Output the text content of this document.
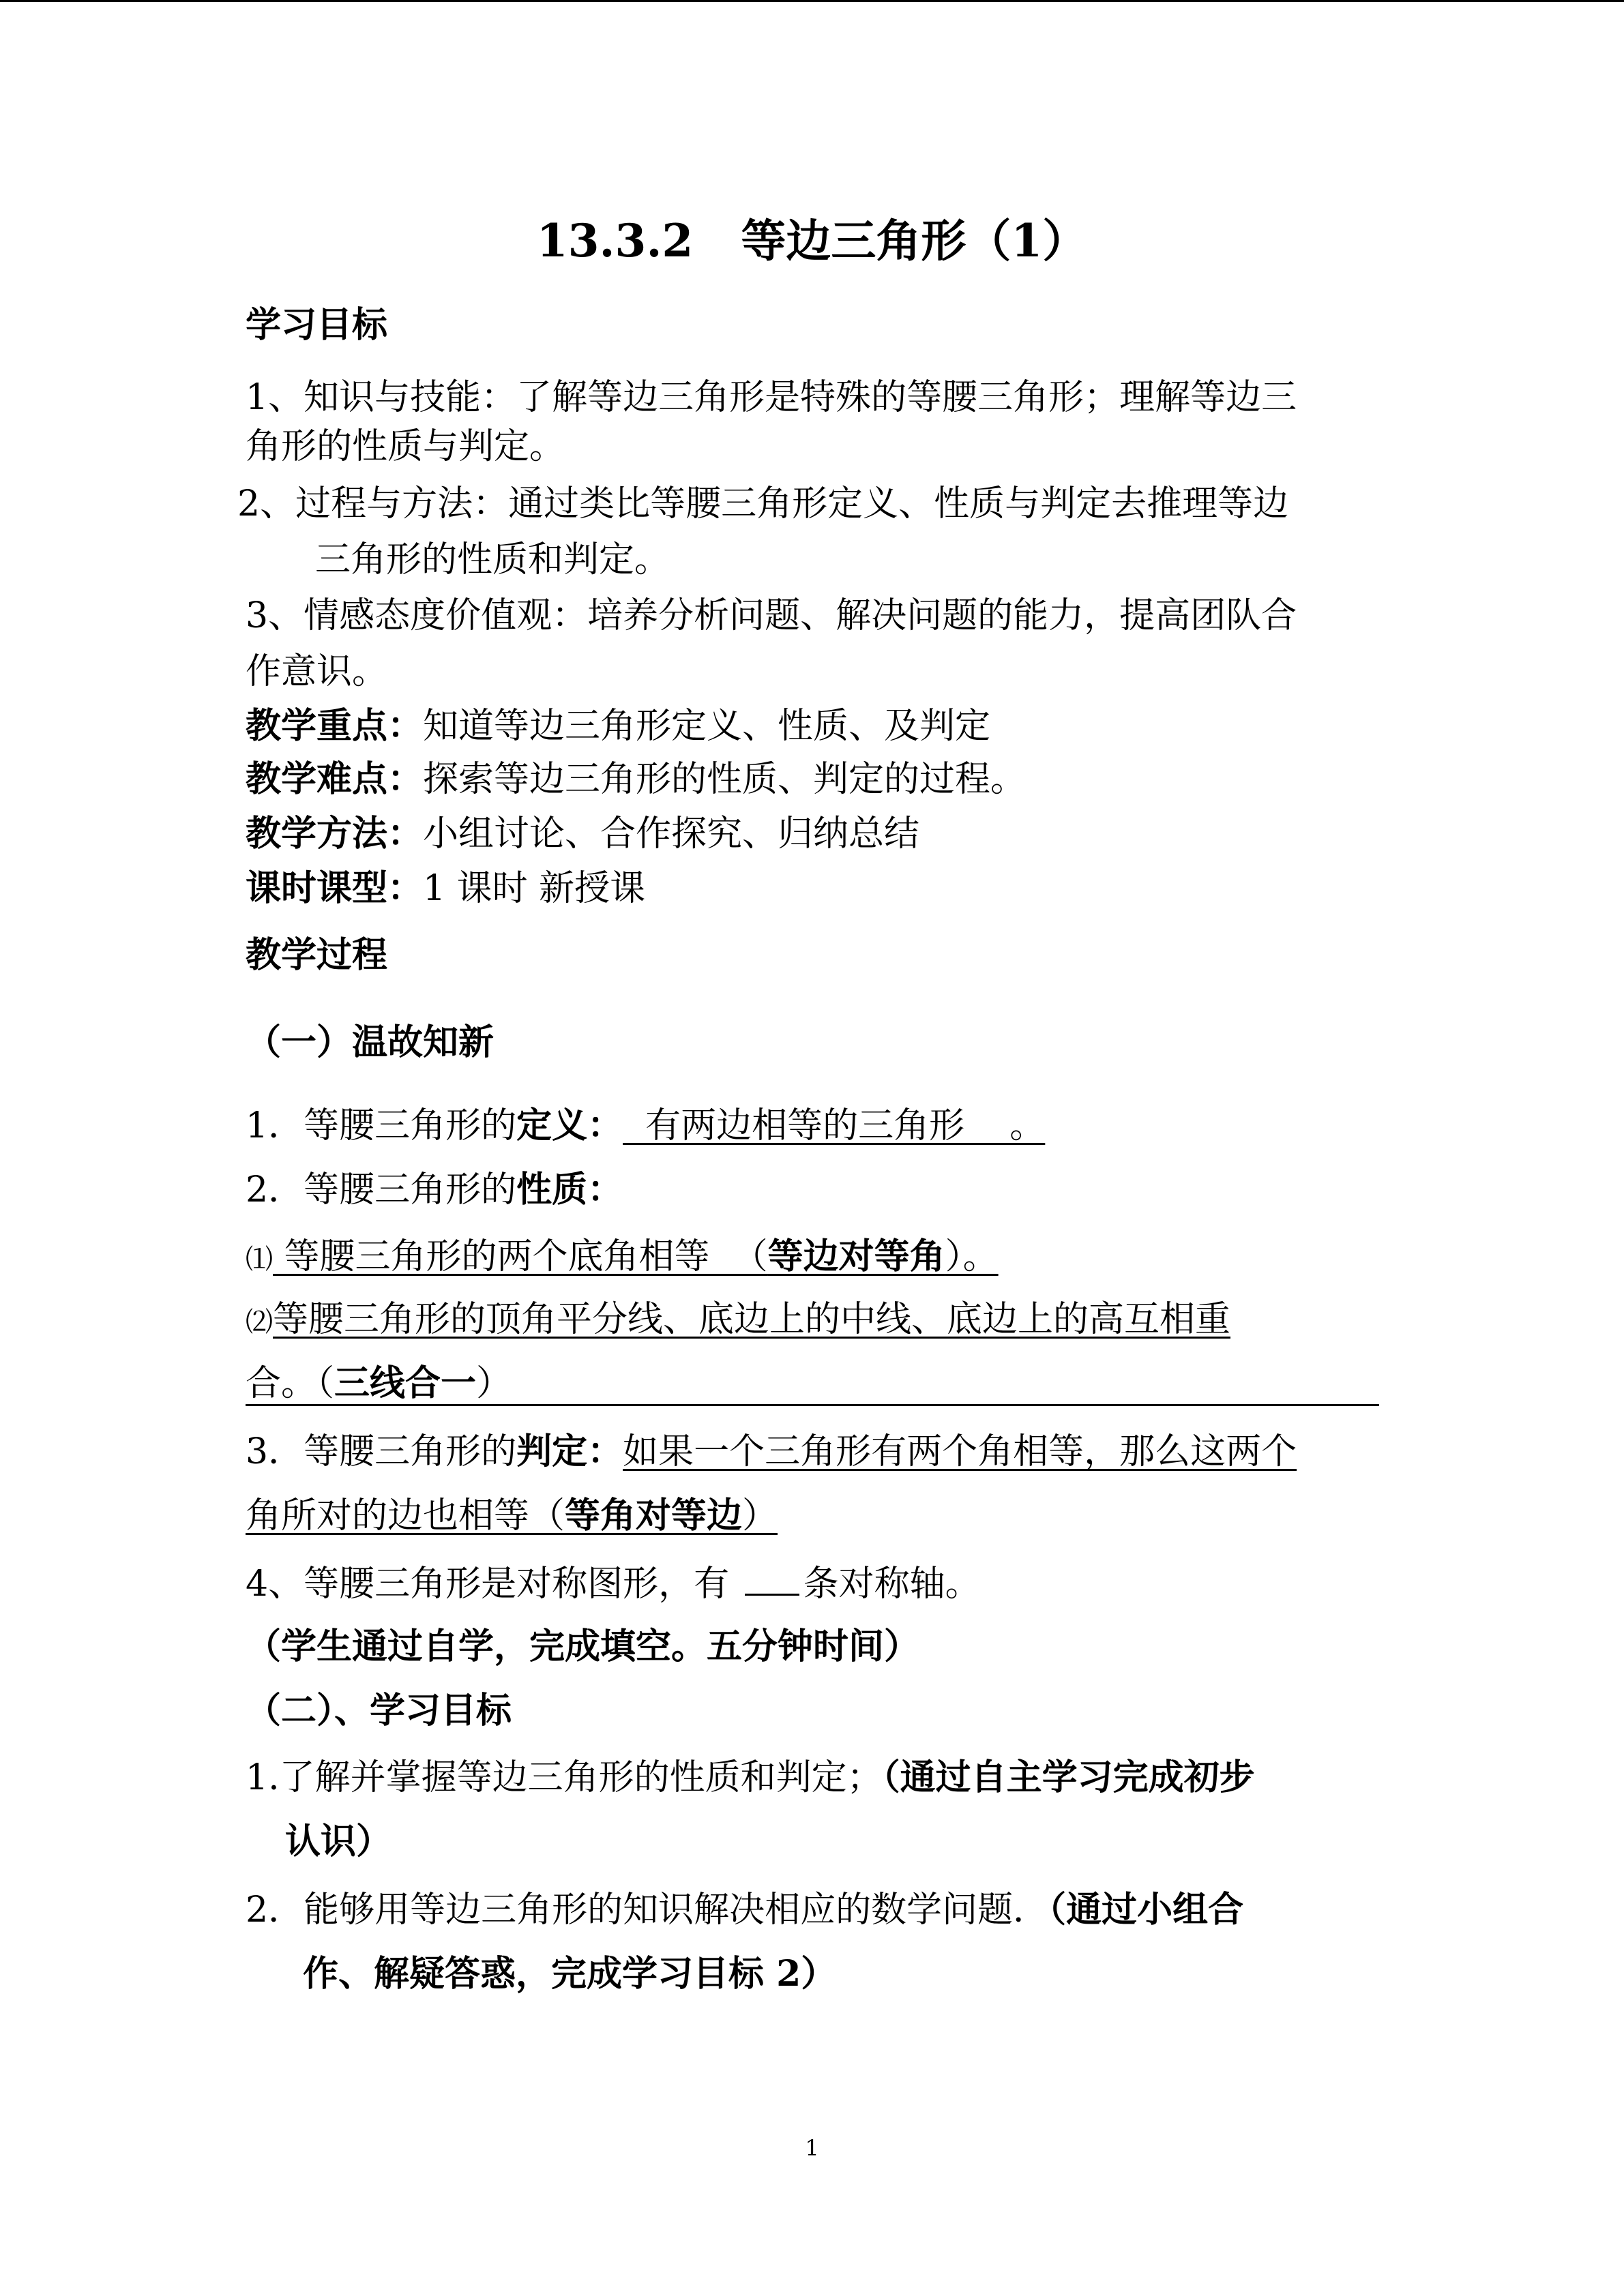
13.3.2 等边三角形（1）
学习目标
1、知识与技能：了解等边三角形是特殊的等腰三角形；理解等边三
角形的性质与判定。
2、过程与方法：通过类比等腰三角形定义、性质与判定去推理等边
三角形的性质和判定。
3、情感态度价值观：培养分析问题、解决问题的能力，提高团队合
作意识。
教学重点：知道等边三角形定义、性质、及判定
教学难点：探索等边三角形的性质、判定的过程。
教学方法：小组讨论、合作探究、归纳总结
课时课型：1 课时 新授课
教学过程
（一）温故知新
1．等腰三角形的定义：  有两边相等的三角形    。
2．等腰三角形的性质：
⑴ 等腰三角形的两个底角相等  （等边对等角）。
⑵等腰三角形的顶角平分线、底边上的中线、底边上的高互相重
合。（三线合一）
3．等腰三角形的判定：如果一个三角形有两个角相等，那么这两个
角所对的边也相等（等角对等边）
4、等腰三角形是对称图形，有 条对称轴。
（学生通过自学，完成填空。五分钟时间）
（二）、学习目标
1.了解并掌握等边三角形的性质和判定；（通过自主学习完成初步
认识）
2．能够用等边三角形的知识解决相应的数学问题．（通过小组合
作、解疑答惑，完成学习目标 2）
1
